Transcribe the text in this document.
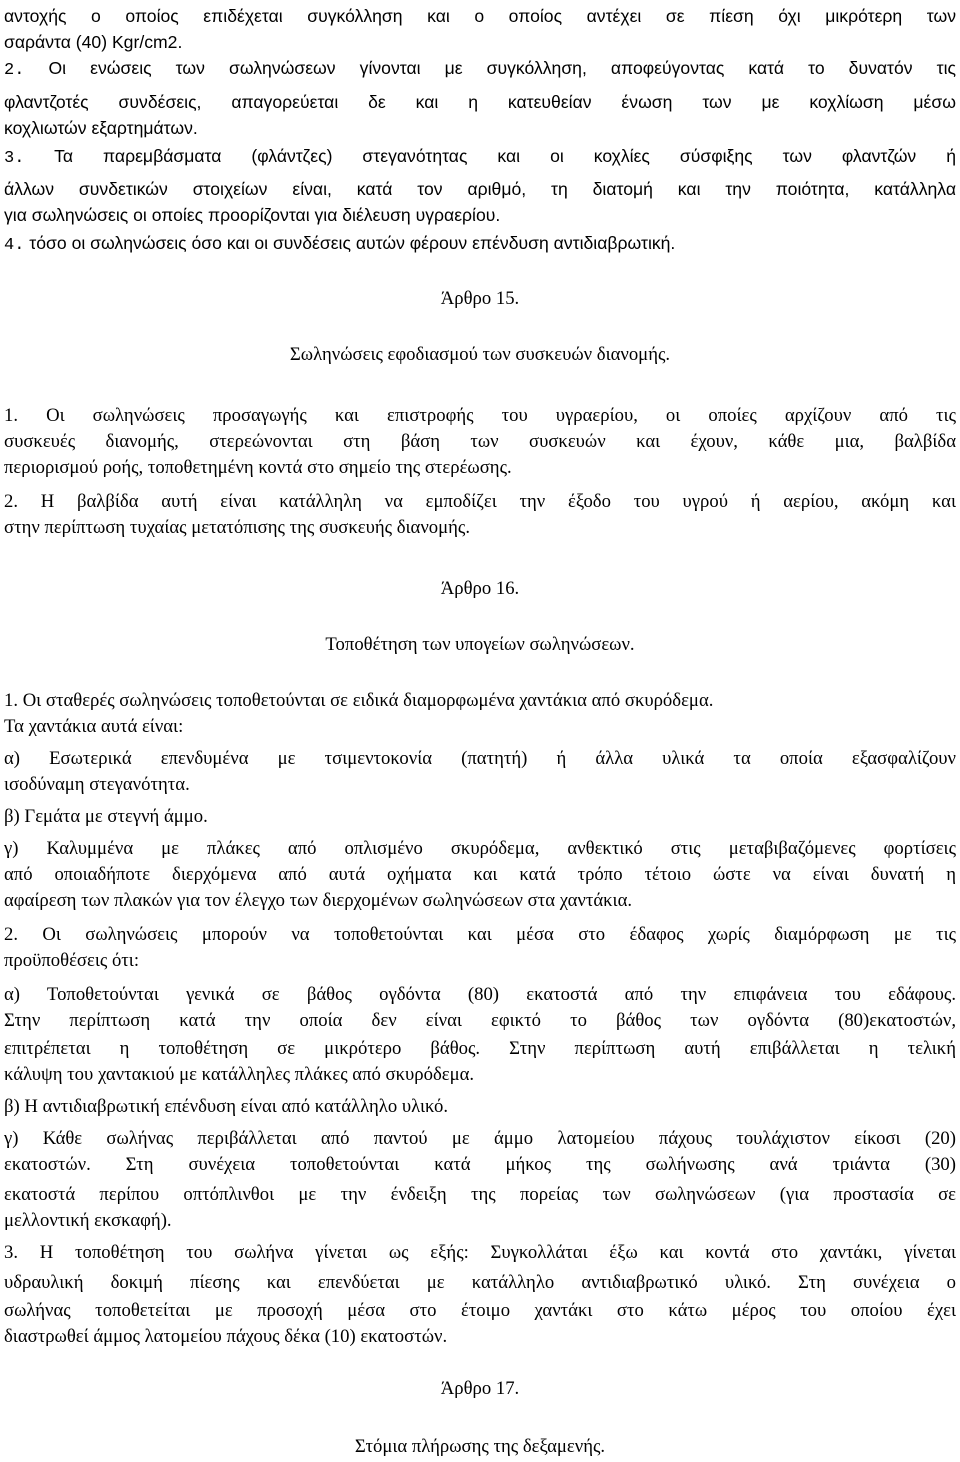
αντοχής ο οποίος επιδέχεται συγκόλληση και ο οποίος αντέχει σε πίεση όχι μικρότερη των
σαράντα (40) Kgr/cm2.
2. Οι ενώσεις των σωληνώσεων γίνονται με συγκόλληση, αποφεύγοντας κατά το δυνατόν τις
φλαντζοτές συνδέσεις, απαγορεύεται δε και η κατευθείαν ένωση των με κοχλίωση μέσω
κοχλιωτών εξαρτημάτων.
3. Τα παρεμβάσματα (φλάντζες) στεγανότητας και οι κοχλίες σύσφιξης των φλαντζών ή
άλλων συνδετικών στοιχείων είναι, κατά τον αριθμό, τη διατομή και την ποιότητα, κατάλληλα
για σωληνώσεις οι οποίες προορίζονται για διέλευση υγραερίου.
4. τόσο οι σωληνώσεις όσο και οι συνδέσεις αυτών φέρουν επένδυση αντιδιαβρωτική.
Άρθρο 15.
Σωληνώσεις εφοδιασμού των συσκευών διανομής.
1. Οι σωληνώσεις προσαγωγής και επιστροφής του υγραερίου, οι οποίες αρχίζουν από τις
συσκευές διανομής, στερεώνονται στη βάση των συσκευών και έχουν, κάθε μια, βαλβίδα
περιορισμού ροής, τοποθετημένη κοντά στο σημείο της στερέωσης.
2. Η βαλβίδα αυτή είναι κατάλληλη να εμποδίζει την έξοδο του υγρού ή αερίου, ακόμη και
στην περίπτωση τυχαίας μετατόπισης της συσκευής διανομής.
Άρθρο 16.
Τοποθέτηση των υπογείων σωληνώσεων.
1. Οι σταθερές σωληνώσεις τοποθετούνται σε ειδικά διαμορφωμένα χαντάκια από σκυρόδεμα.
Τα χαντάκια αυτά είναι:
α) Εσωτερικά επενδυμένα με τσιμεντοκονία (πατητή) ή άλλα υλικά τα οποία εξασφαλίζουν
ισοδύναμη στεγανότητα.
β) Γεμάτα με στεγνή άμμο.
γ) Καλυμμένα με πλάκες από οπλισμένο σκυρόδεμα, ανθεκτικό στις μεταβιβαζόμενες φορτίσεις
από οποιαδήποτε διερχόμενα από αυτά οχήματα και κατά τρόπο τέτοιο ώστε να είναι δυνατή η
αφαίρεση των πλακών για τον έλεγχο των διερχομένων σωληνώσεων στα χαντάκια.
2. Οι σωληνώσεις μπορούν να τοποθετούνται και μέσα στο έδαφος χωρίς διαμόρφωση με τις
προϋποθέσεις ότι:
α) Τοποθετούνται γενικά σε βάθος ογδόντα (80) εκατοστά από την επιφάνεια του εδάφους.
Στην περίπτωση κατά την οποία δεν είναι εφικτό το βάθος των ογδόντα (80)εκατοστών,
επιτρέπεται η τοποθέτηση σε μικρότερο βάθος. Στην περίπτωση αυτή επιβάλλεται η τελική
κάλυψη του χαντακιού με κατάλληλες πλάκες από σκυρόδεμα.
β) Η αντιδιαβρωτική επένδυση είναι από κατάλληλο υλικό.
γ) Κάθε σωλήνας περιβάλλεται από παντού με άμμο λατομείου πάχους τουλάχιστον είκοσι (20)
εκατοστών. Στη συνέχεια τοποθετούνται κατά μήκος της σωλήνωσης ανά τριάντα (30)
εκατοστά περίπου οπτόπλινθοι με την ένδειξη της πορείας των σωληνώσεων (για προστασία σε
μελλοντική εκσκαφή).
3. Η τοποθέτηση του σωλήνα γίνεται ως εξής: Συγκολλάται έξω και κοντά στο χαντάκι, γίνεται
υδραυλική δοκιμή πίεσης και επενδύεται με κατάλληλο αντιδιαβρωτικό υλικό. Στη συνέχεια ο
σωλήνας τοποθετείται με προσοχή μέσα στο έτοιμο χαντάκι στο κάτω μέρος του οποίου έχει
διαστρωθεί άμμος λατομείου πάχους δέκα (10) εκατοστών.
Άρθρο 17.
Στόμια πλήρωσης της δεξαμενής.
